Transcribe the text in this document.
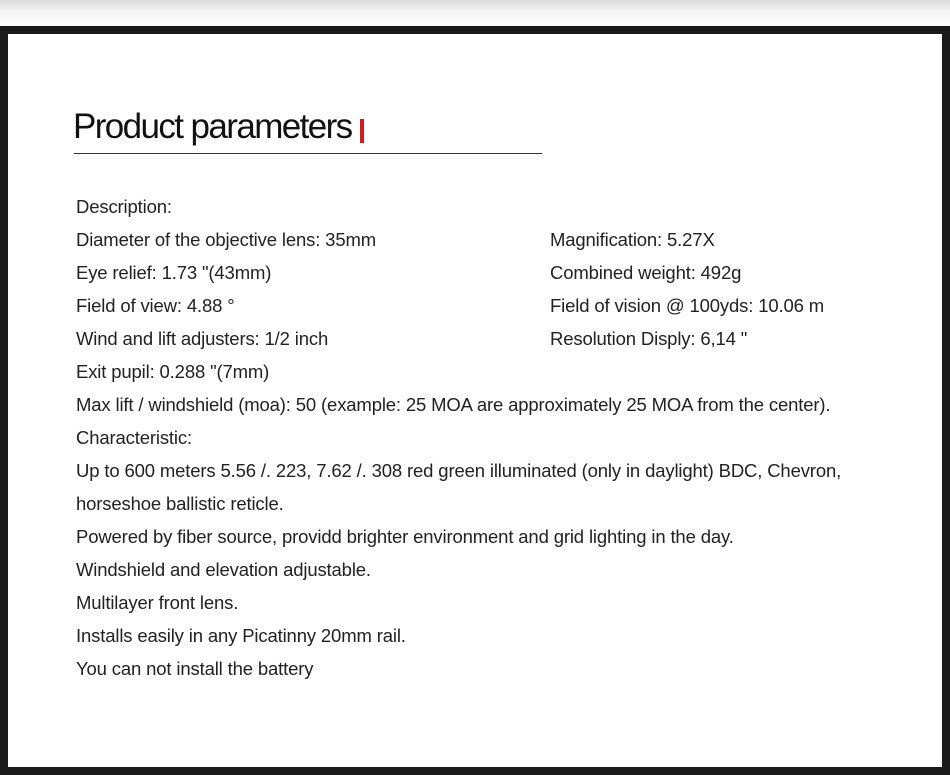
Product parameters
Description:
Diameter of the objective lens: 35mm	Magnification: 5.27X
Eye relief: 1.73 "(43mm)	Combined weight: 492g
Field of view: 4.88 °	Field of vision @ 100yds: 10.06 m
Wind and lift adjusters: 1/2 inch	Resolution Disply: 6,14 "
Exit pupil: 0.288 "(7mm)
Max lift / windshield (moa): 50 (example: 25 MOA are approximately 25 MOA from the center).
Characteristic:
Up to 600 meters 5.56 /. 223, 7.62 /. 308 red green illuminated (only in daylight) BDC, Chevron,
horseshoe ballistic reticle.
Powered by fiber source, providd brighter environment and grid lighting in the day.
Windshield and elevation adjustable.
Multilayer front lens.
Installs easily in any Picatinny 20mm rail.
You can not install the battery
